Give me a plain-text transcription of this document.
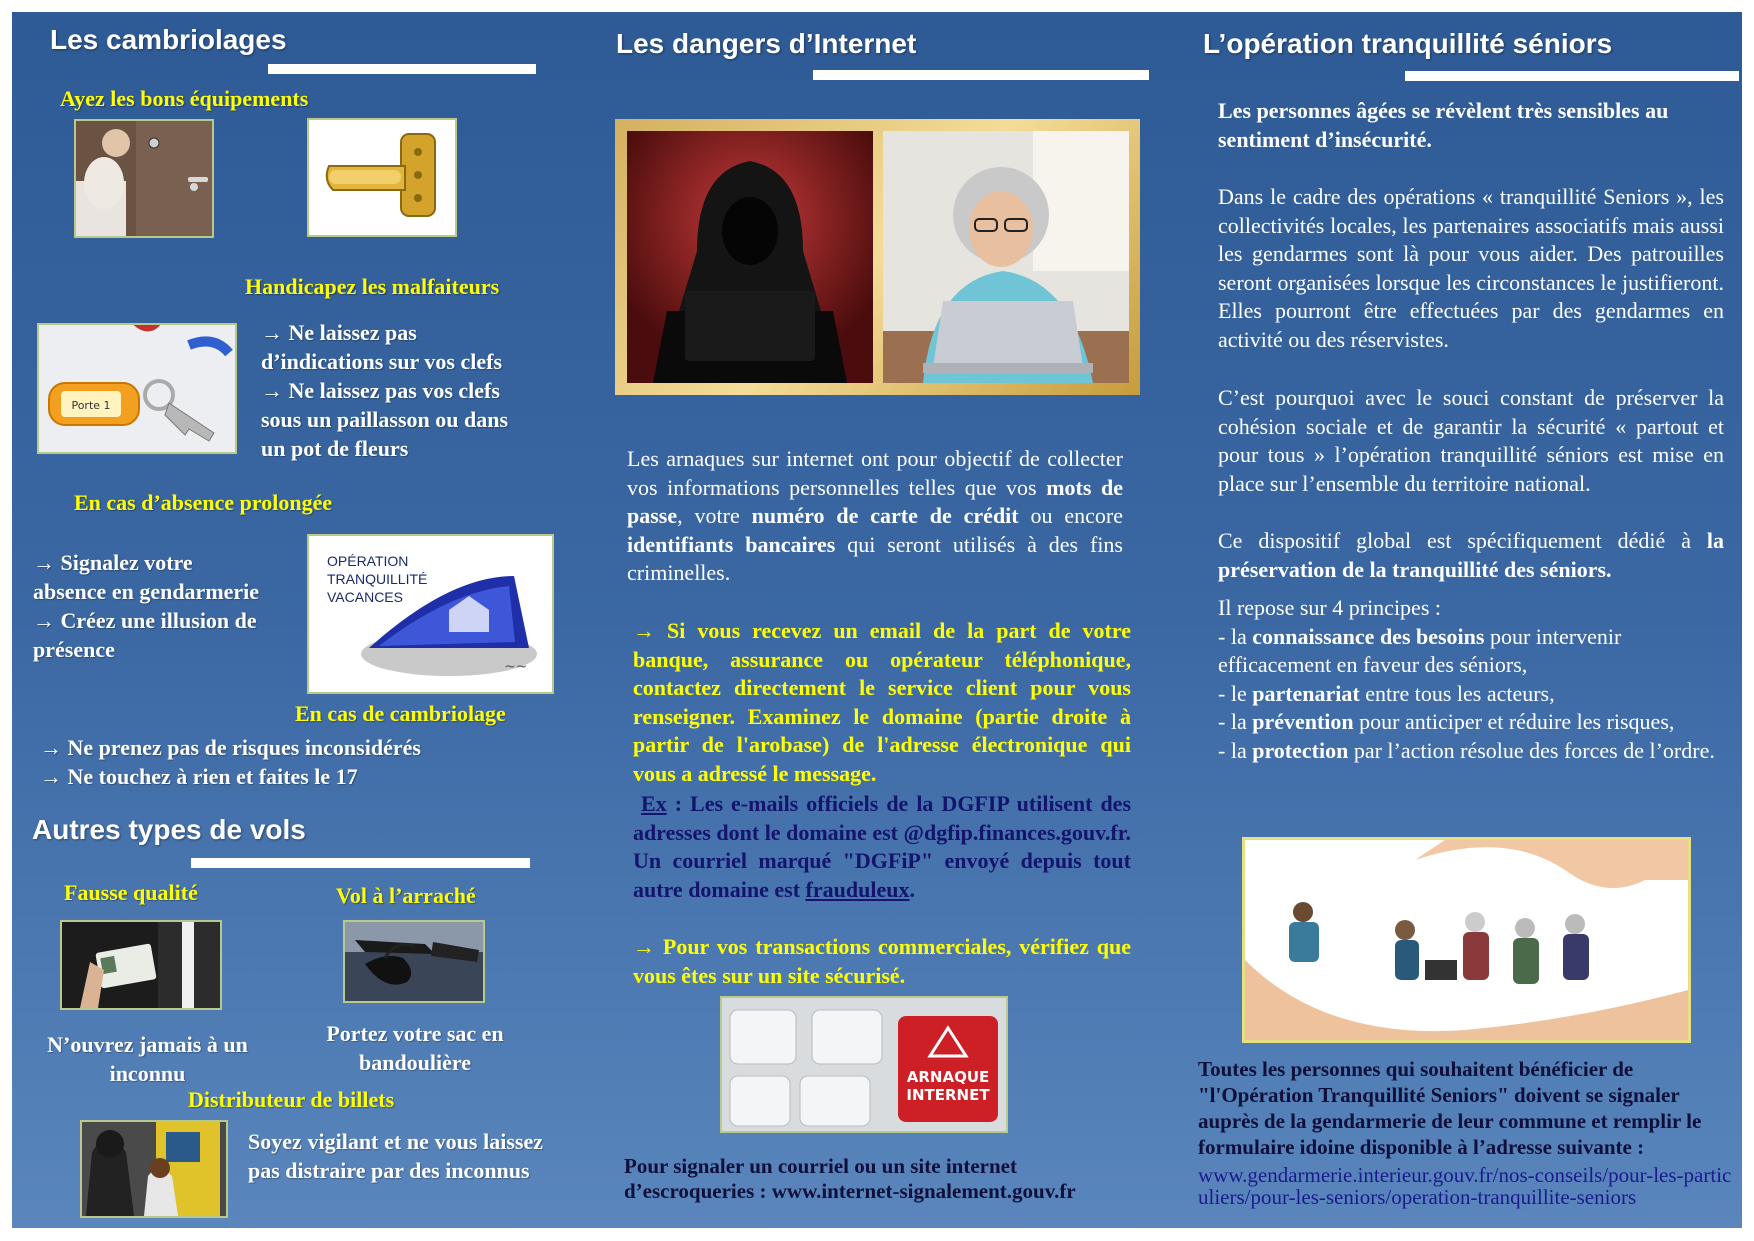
Les cambriolages
Ayez les bons équipements
Handicapez les malfaiteurs
Porte 1
→ Ne laissez pas
d’indications sur vos clefs
→ Ne laissez pas vos clefs
sous un paillasson ou dans
un pot de fleurs
En cas d’absence prolongée
→ Signalez votre
absence en gendarmerie
→ Créez une illusion de
présence
OPÉRATION
TRANQUILLITÉ
VACANCES
~~
En cas de cambriolage
→ Ne prenez pas de risques inconsidérés
→ Ne touchez à rien et faites le 17
Autres types de vols
Fausse qualité	Vol à l’arraché
N’ouvrez jamais à un
inconnu
Portez votre sac en
bandoulière
Distributeur de billets
Soyez vigilant et ne vous laissez pas distraire par des inconnus
Les dangers d’Internet
Les arnaques sur internet ont pour objectif de collecter vos informations personnelles telles que vos mots de passe, votre numéro de carte de crédit ou encore identifiants bancaires qui seront utilisés à des fins criminelles.
→ Si vous recevez un email de la part de votre banque, assurance ou opérateur téléphonique, contactez directement le service client pour vous renseigner. Examinez le domaine (partie droite à partir de l'arobase) de l'adresse électronique qui vous a adressé le message.
Ex : Les e-mails officiels de la DGFIP utilisent des adresses dont le domaine est @dgfip.finances.gouv.fr. Un courriel marqué "DGFiP" envoyé depuis tout autre domaine est frauduleux.
→ Pour vos transactions commerciales, vérifiez que vous êtes sur un site sécurisé.
ARNAQUE
INTERNET
Pour signaler un courriel ou un site internet
d’escroqueries : www.internet-signalement.gouv.fr
L’opération tranquillité séniors
Les personnes âgées se révèlent très sensibles au sentiment d’insécurité.
Dans le cadre des opérations « tranquillité Seniors », les collectivités locales, les partenaires associatifs mais aussi les gendarmes sont là pour vous aider. Des patrouilles seront organisées lorsque les circonstances le justifieront. Elles pourront être effectuées par des gendarmes en activité ou des réservistes.
C’est pourquoi avec le souci constant de préserver la cohésion sociale et de garantir la sécurité « partout et pour tous » l’opération tranquillité séniors est mise en place sur l’ensemble du territoire national.
Ce dispositif global est spécifiquement dédié à la préservation de la tranquillité des séniors.
Il repose sur 4 principes :
- la connaissance des besoins pour intervenir efficacement en faveur des séniors,
- le partenariat entre tous les acteurs,
- la prévention pour anticiper et réduire les risques,
- la protection par l’action résolue des forces de l’ordre.
Toutes les personnes qui souhaitent bénéficier de "l'Opération Tranquillité Seniors" doivent se signaler auprès de la gendarmerie de leur commune et remplir le formulaire idoine disponible à l’adresse suivante :
www.gendarmerie.interieur.gouv.fr/nos-conseils/pour-les-particuliers/pour-les-seniors/operation-tranquillite-seniors
